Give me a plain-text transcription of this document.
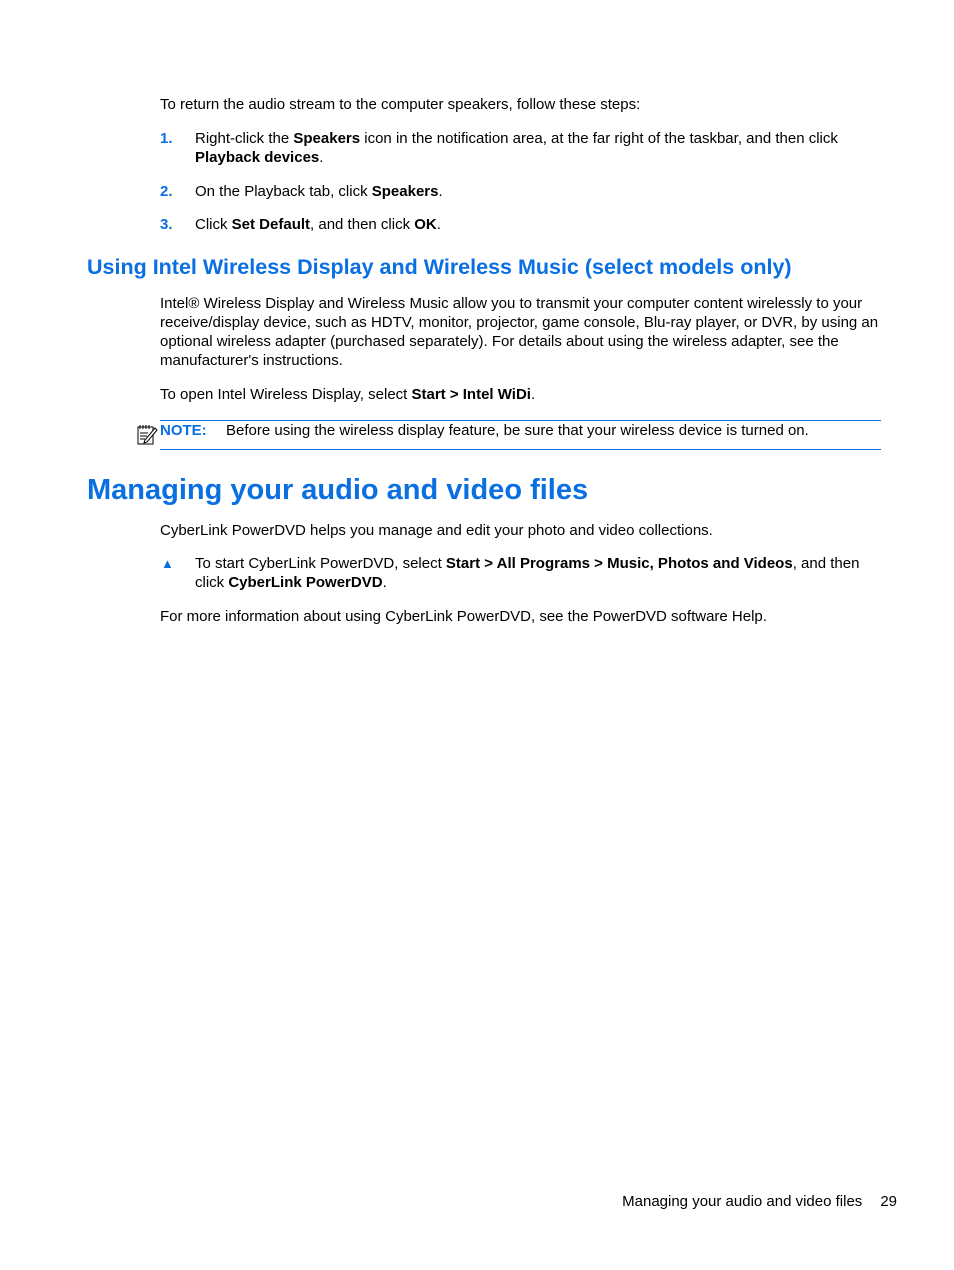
To return the audio stream to the computer speakers, follow these steps:

1. Right-click the Speakers icon in the notification area, at the far right of the taskbar, and then click Playback devices.
2. On the Playback tab, click Speakers.
3. Click Set Default, and then click OK.
Using Intel Wireless Display and Wireless Music (select models only)

Intel® Wireless Display and Wireless Music allow you to transmit your computer content wirelessly to your receive/display device, such as HDTV, monitor, projector, game console, Blu-ray player, or DVR, by using an optional wireless adapter (purchased separately). For details about using the wireless adapter, see the manufacturer's instructions.

To open Intel Wireless Display, select Start > Intel WiDi.

NOTE: Before using the wireless display feature, be sure that your wireless device is turned on.
Managing your audio and video files

CyberLink PowerDVD helps you manage and edit your photo and video collections.

▲ To start CyberLink PowerDVD, select Start > All Programs > Music, Photos and Videos, and then click CyberLink PowerDVD.

For more information about using CyberLink PowerDVD, see the PowerDVD software Help.

Managing your audio and video files 29
